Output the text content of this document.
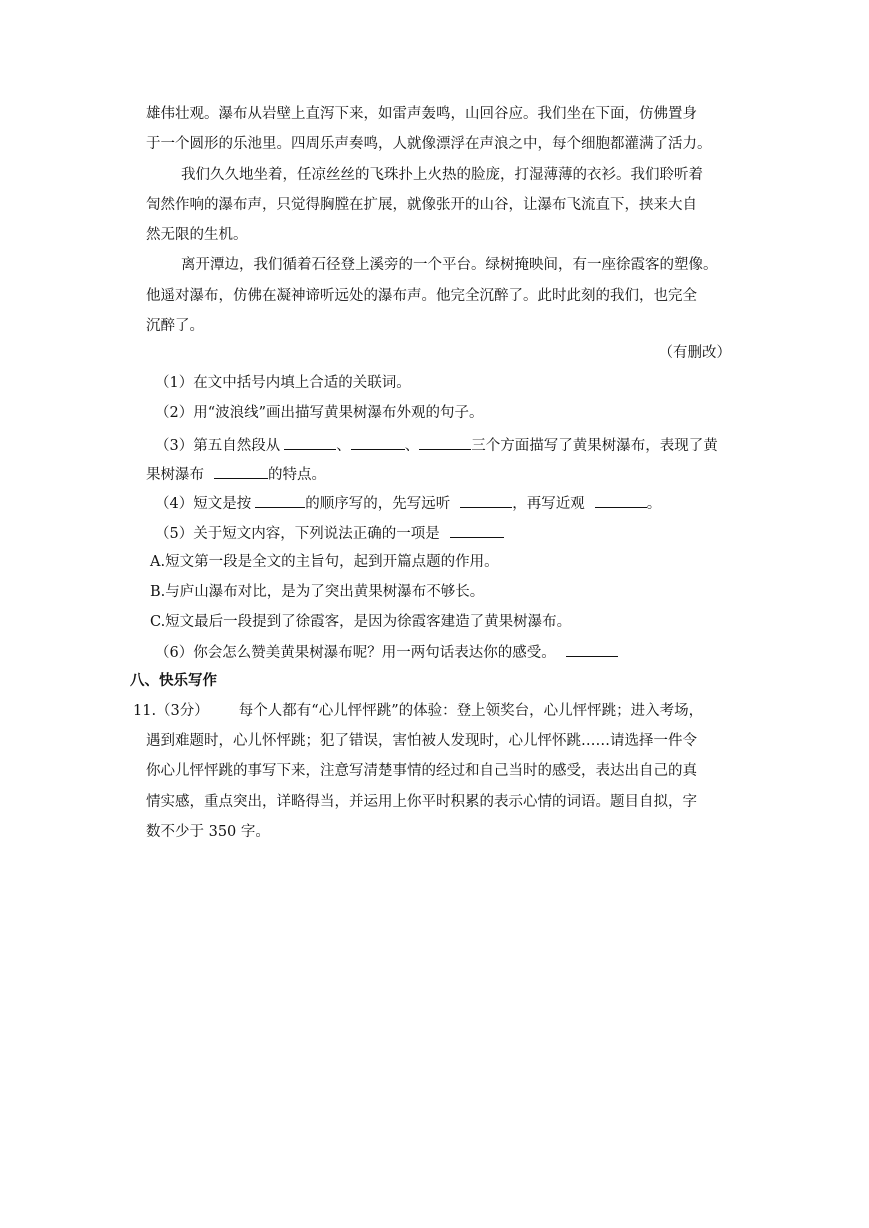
雄伟壮观。瀑布从岩壁上直泻下来，如雷声轰鸣，山回谷应。我们坐在下面，仿佛置身
于一个圆形的乐池里。四周乐声奏鸣，人就像漂浮在声浪之中，每个细胞都灌满了活力。
我们久久地坐着，任凉丝丝的飞珠扑上火热的脸庞，打湿薄薄的衣衫。我们聆听着
訇然作响的瀑布声，只觉得胸膛在扩展，就像张开的山谷，让瀑布飞流直下，挟来大自
然无限的生机。
离开潭边，我们循着石径登上溪旁的一个平台。绿树掩映间，有一座徐霞客的塑像。
他遥对瀑布，仿佛在凝神谛听远处的瀑布声。他完全沉醉了。此时此刻的我们，也完全
沉醉了。
（有删改）
（1）在文中括号内填上合适的关联词。
（2）用“波浪线”画出描写黄果树瀑布外观的句子。
（3）第五自然段从	、	、	三个方面描写了黄果树瀑布，表现了黄
果树瀑布	的特点。
（4）短文是按	的顺序写的，先写远听	，再写近观	。
（5）关于短文内容，下列说法正确的一项是
A.短文第一段是全文的主旨句，起到开篇点题的作用。
B.与庐山瀑布对比，是为了突出黄果树瀑布不够长。
C.短文最后一段提到了徐霞客，是因为徐霞客建造了黄果树瀑布。
（6）你会怎么赞美黄果树瀑布呢？用一两句话表达你的感受。
八、快乐写作
11.（3分） 每个人都有“心儿怦怦跳”的体验：登上领奖台，心儿怦怦跳；进入考场，
遇到难题时，心儿怀怦跳；犯了错误，害怕被人发现时，心儿怦怀跳……请选择一件令
你心儿怦怦跳的事写下来，注意写清楚事情的经过和自己当时的感受，表达出自己的真
情实感，重点突出，详略得当，并运用上你平时积累的表示心情的词语。题目自拟，字
数不少于 350 字。
